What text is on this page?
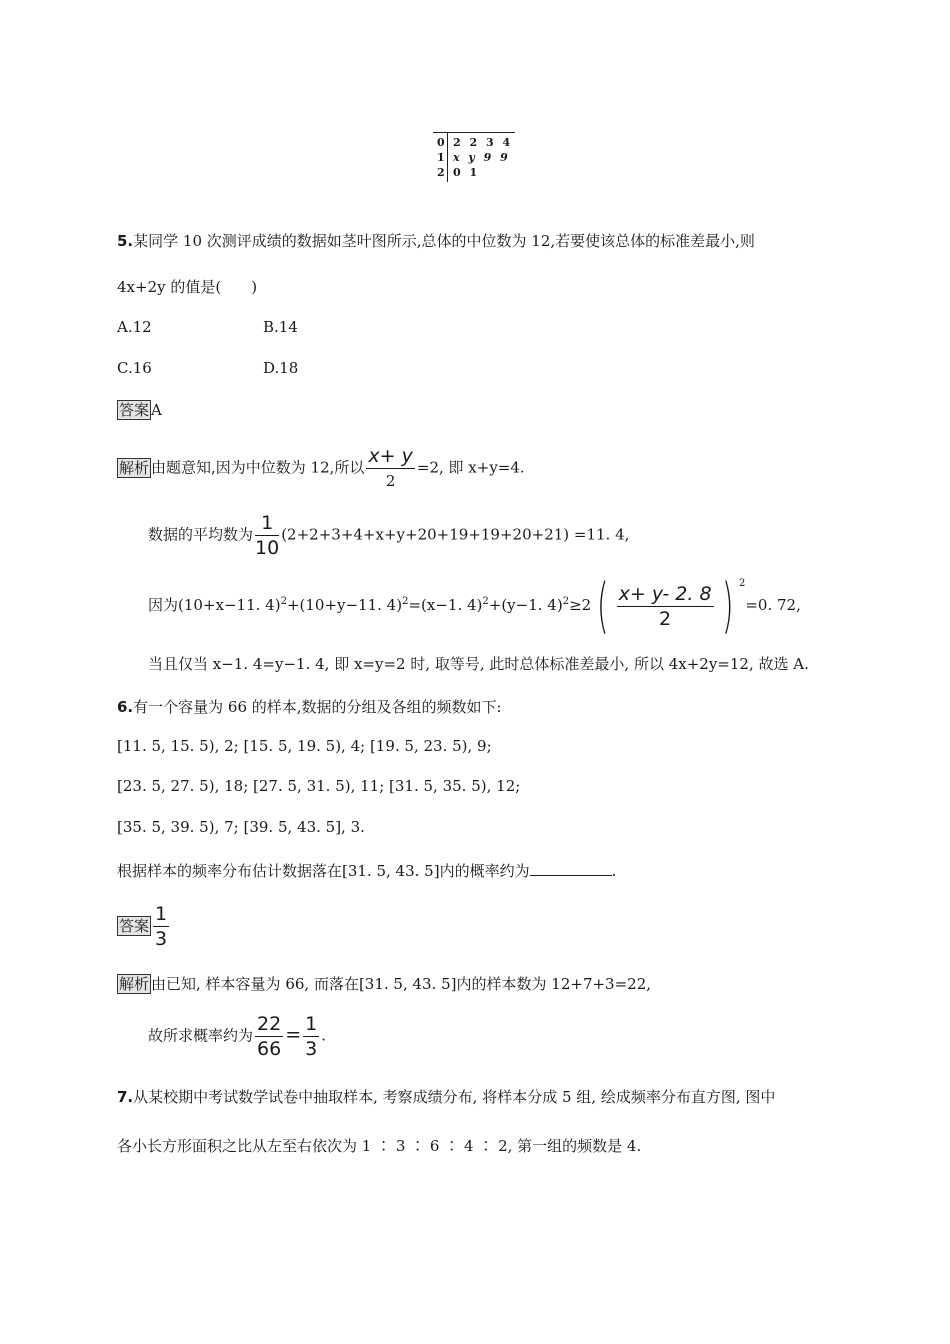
0 2 2 3 4
1 x y 9 9
2 0 1
5.某同学 10 次测评成绩的数据如茎叶图所示,总体的中位数为 12,若要使该总体的标准差最小,则
4x+2y 的值是(　　)
A.12	B.14
C.16	D.18
答案 A
解析 由题意知,因为中位数为 12,所以 $\frac{x+ y}{2} =2$, 即 x+y=4.
数据的平均数为 $\frac{1}{10} (2+2+3+4+x+y+20+19+19+20+21) =11$. 4,
因为(10+x−11. 4)$^2$+(10+y−11. 4)$^2$=(x−1. 4)$^2$+(y−1. $4)^2\ge 2( \frac{x+ y- 2. 8}{2}$ ) $^2$=0. 72,
当且仅当 x−1. 4=y−1. 4, 即 x=y=2 时, 取等号, 此时总体标准差最小, 所以 4x+2y=12, 故选 A.
6.有一个容量为 66 的样本,数据的分组及各组的频数如下:
[11. 5, 15. 5), 2; [15. 5, 19. 5), 4; [19. 5, 23. 5), 9;
[23. 5, 27. 5), 18; [27. 5, 31. 5), 11; [31. 5, 35. 5), 12;
[35. 5, 39. 5), 7; [39. 5, 43. 5], 3.
根据样本的频率分布估计数据落在[31. 5, 43. 5]内的概率约为	.
答案 $\frac{1}{3}$
解析 由已知, 样本容量为 66, 而落在[31. 5, 43. 5]内的样本数为 12+7+3=22,
故所求概率约为 $\frac{22}{66} = \frac{1}{3}$ .
7.从某校期中考试数学试卷中抽取样本, 考察成绩分布, 将样本分成 5 组, 绘成频率分布直方图, 图中
各小长方形面积之比从左至右依次为 1 ∶ 3 ∶ 6 ∶ 4 ∶ 2, 第一组的频数是 4.
